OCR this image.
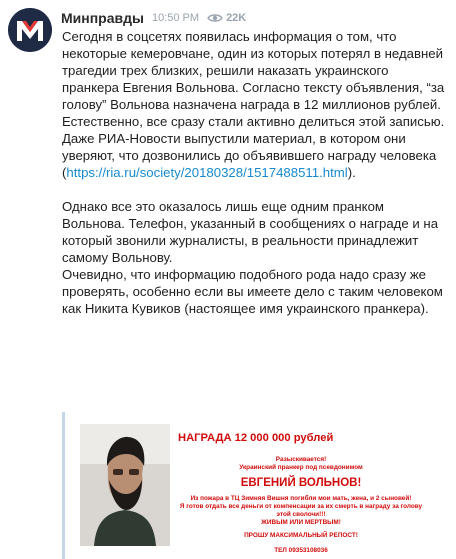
Минправды 10:50 PM 22K
Сегодня в соцсетях появилась информация о том, что некоторые кемеровчане, один из которых потерял в недавней трагедии трех близких, решили наказать украинского пранкера Евгения Вольнова. Согласно тексту объявления, “за голову” Вольнова назначена награда в 12 миллионов рублей. Естественно, все сразу стали активно делиться этой записью. Даже РИА-Новости выпустили материал, в котором они уверяют, что дозвонились до объявившего награду человека
(https://ria.ru/society/20180328/1517488511.html).
Однако все это оказалось лишь еще одним пранком Вольнова. Телефон, указанный в сообщениях о награде и на который звонили журналисты, в реальности принадлежит самому Вольнову.
Очевидно, что информацию подобного рода надо сразу же проверять, особенно если вы имеете дело с таким человеком как Никита Кувиков (настоящее имя украинского пранкера).
НАГРАДА 12 000 000 рублей
Разыскивается!
Украинский пранкер под псевдонимом
ЕВГЕНИЙ ВОЛЬНОВ!
Из пожара в ТЦ Зимняя Вишня погибли мои мать, жена, и 2 сыновей!
Я готов отдать все деньги от компенсации за их смерть в награду за голову этой сволочи!!!
ЖИВЫМ ИЛИ МЕРТВЫМ!
ПРОШУ МАКСИМАЛЬНЫЙ РЕПОСТ!
ТЕЛ 09353108036
